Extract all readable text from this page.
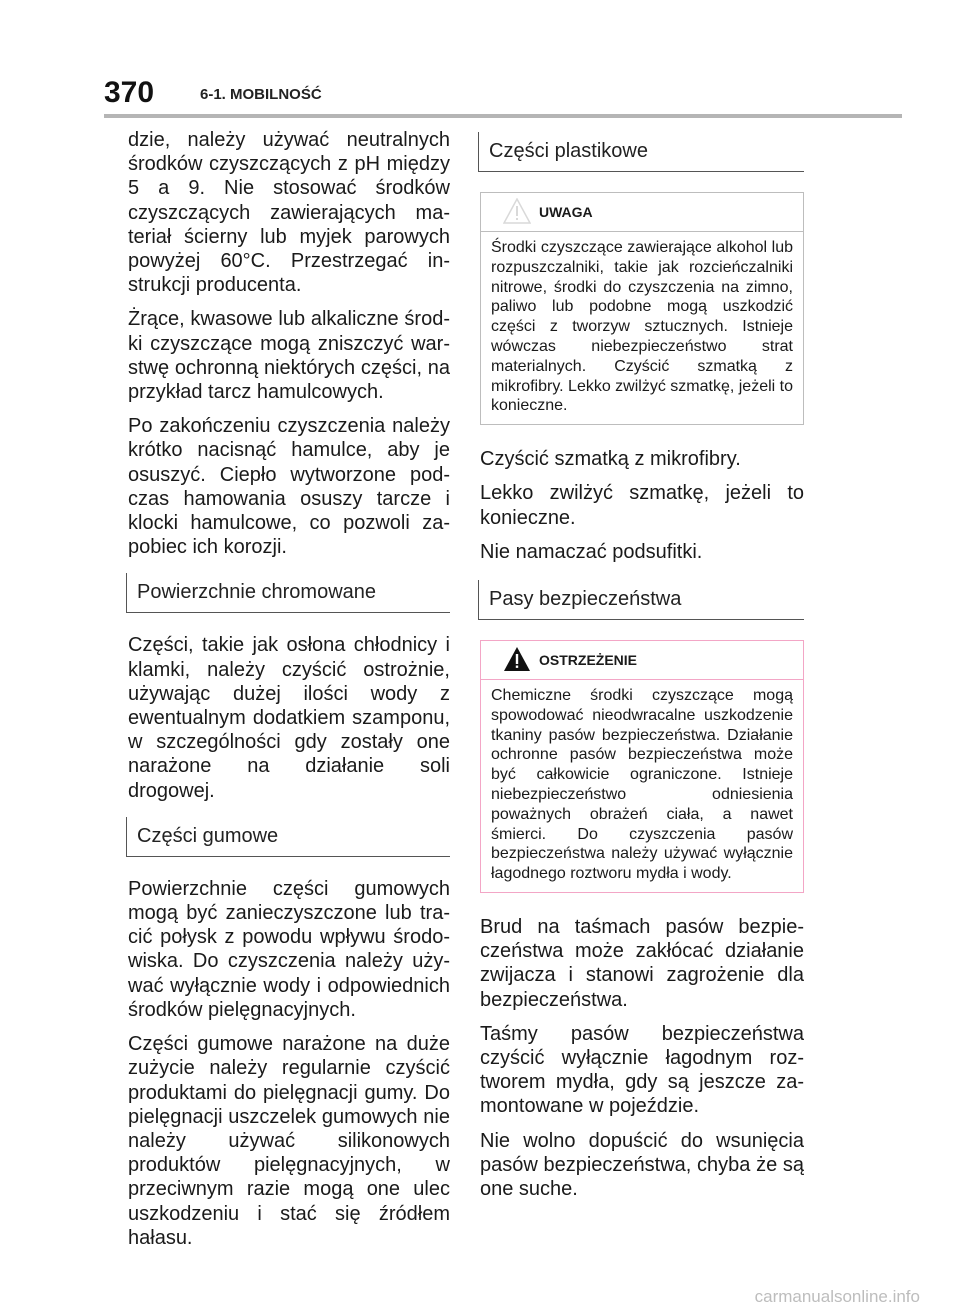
370	6-1. MOBILNOŚĆ

dzie, należy używać neutralnych środków czyszczących z pH między 5 a 9. Nie stosować środków czyszczących zawierających materiał ścierny lub myjek parowych powyżej 60°C. Przestrzegać instrukcji producenta.

Żrące, kwasowe lub alkaliczne środki czyszczące mogą zniszczyć warstwę ochronną niektórych części, na przykład tarcz hamulcowych.

Po zakończeniu czyszczenia należy krótko nacisnąć hamulce, aby je osuszyć. Ciepło wytworzone podczas hamowania osuszy tarcze i klocki hamulcowe, co pozwoli zapobiec ich korozji.

Powierzchnie chromowane

Części, takie jak osłona chłodnicy i klamki, należy czyścić ostrożnie, używając dużej ilości wody z ewentualnym dodatkiem szamponu, w szczególności gdy zostały one narażone na działanie soli drogowej.

Części gumowe

Powierzchnie części gumowych mogą być zanieczyszczone lub tracić połysk z powodu wpływu środowiska. Do czyszczenia należy używać wyłącznie wody i odpowiednich środków pielęgnacyjnych.

Części gumowe narażone na duże zużycie należy regularnie czyścić produktami do pielęgnacji gumy. Do pielęgnacji uszczelek gumowych nie należy używać silikonowych produktów pielęgnacyjnych, w przeciwnym razie mogą one ulec uszkodzeniu i stać się źródłem hałasu.

Części plastikowe
UWAGA
Środki czyszczące zawierające alkohol lub rozpuszczalniki, takie jak rozcieńczalniki nitrowe, środki do czyszczenia na zimno, paliwo lub podobne mogą uszkodzić części z tworzyw sztucznych. Istnieje wówczas niebezpieczeństwo strat materialnych. Czyścić szmatką z mikrofibry. Lekko zwilżyć szmatkę, jeżeli to konieczne.

Czyścić szmatką z mikrofibry.

Lekko zwilżyć szmatkę, jeżeli to konieczne.

Nie namaczać podsufitki.

Pasy bezpieczeństwa
OSTRZEŻENIE
Chemiczne środki czyszczące mogą spowodować nieodwracalne uszkodzenie tkaniny pasów bezpieczeństwa. Działanie ochronne pasów bezpieczeństwa może być całkowicie ograniczone. Istnieje niebezpieczeństwo odniesienia poważnych obrażeń ciała, a nawet śmierci. Do czyszczenia pasów bezpieczeństwa należy używać wyłącznie łagodnego roztworu mydła i wody.

Brud na taśmach pasów bezpieczeństwa może zakłócać działanie zwijacza i stanowi zagrożenie dla bezpieczeństwa.

Taśmy pasów bezpieczeństwa czyścić wyłącznie łagodnym roztworem mydła, gdy są jeszcze zamontowane w pojeździe.

Nie wolno dopuścić do wsunięcia pasów bezpieczeństwa, chyba że są one suche.

carmanualsonline.info
